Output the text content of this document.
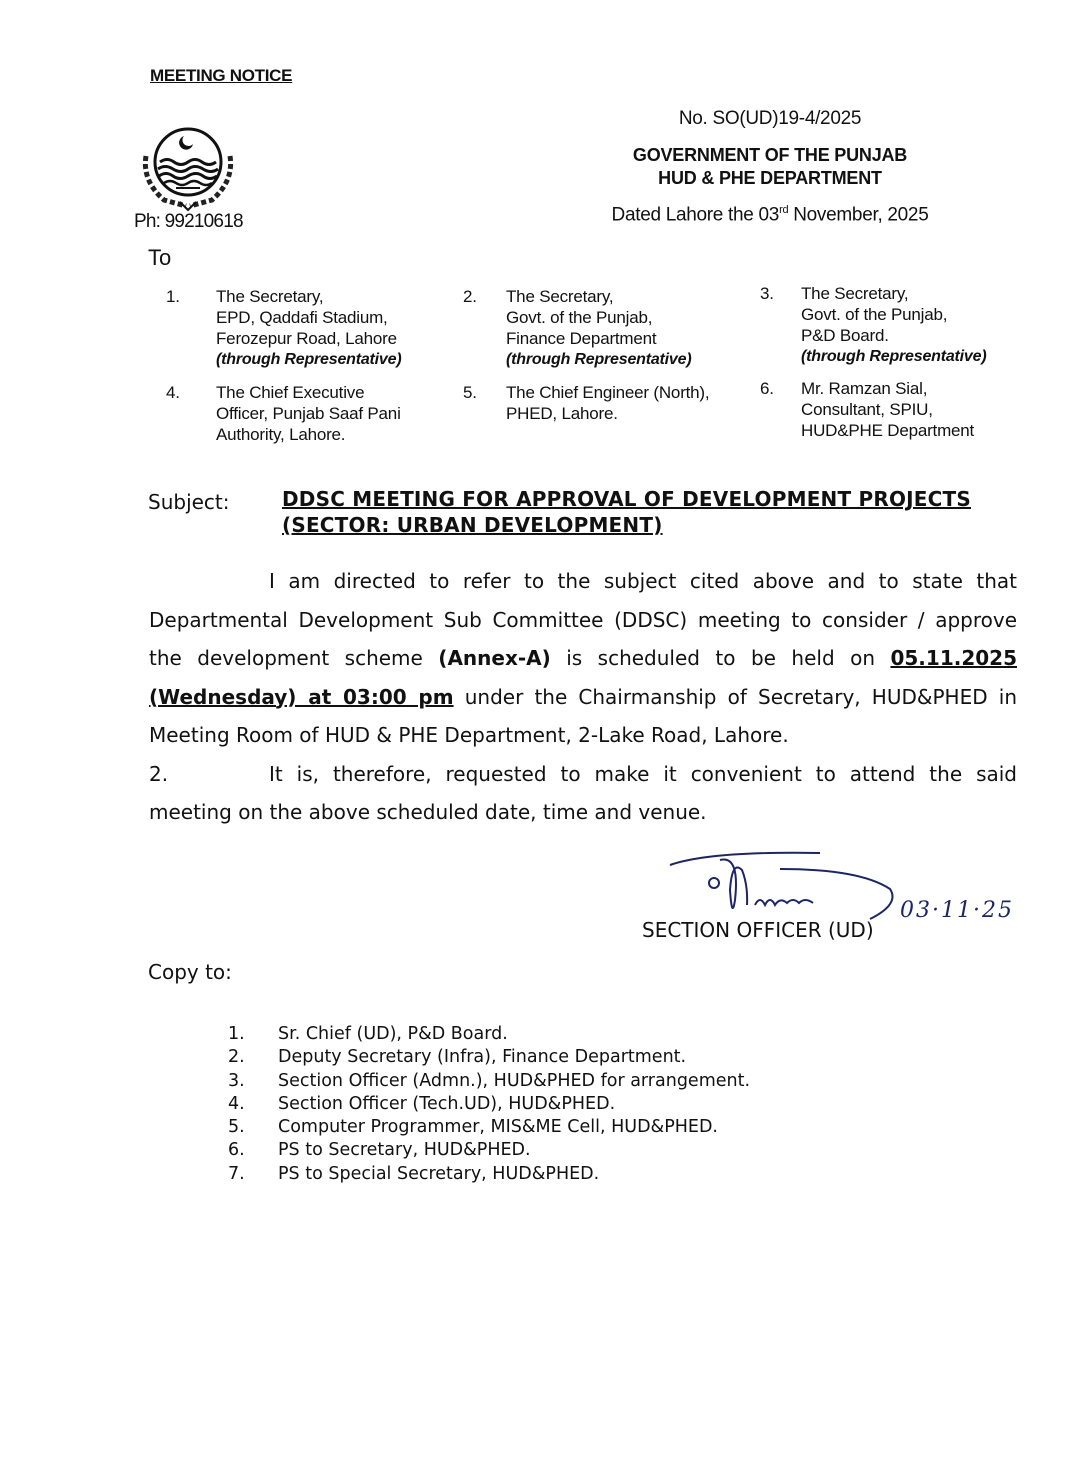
MEETING NOTICE
Ph: 99210618
No. SO(UD)19-4/2025
GOVERNMENT OF THE PUNJAB
HUD & PHE DEPARTMENT
Dated Lahore the 03rd November, 2025
To
1. The Secretary,
EPD, Qaddafi Stadium,
Ferozepur Road, Lahore
(through Representative)
2. The Secretary,
Govt. of the Punjab,
Finance Department
(through Representative)
3. The Secretary,
Govt. of the Punjab,
P&D Board.
(through Representative)
4. The Chief Executive
Officer, Punjab Saaf Pani
Authority, Lahore.
5. The Chief Engineer (North),
PHED, Lahore.
6. Mr. Ramzan Sial,
Consultant, SPIU,
HUD&PHE Department
Subject:	DDSC MEETING FOR APPROVAL OF DEVELOPMENT PROJECTS
(SECTOR: URBAN DEVELOPMENT)
I am directed to refer to the subject cited above and to state that Departmental Development Sub Committee (DDSC) meeting to consider / approve the development scheme (Annex-A) is scheduled to be held on 05.11.2025 (Wednesday) at 03:00 pm under the Chairmanship of Secretary, HUD&PHED in Meeting Room of HUD & PHE Department, 2-Lake Road, Lahore.
2.	It is, therefore, requested to make it convenient to attend the said meeting on the above scheduled date, time and venue.
SECTION OFFICER (UD)
03·11·25
Copy to:
1.	Sr. Chief (UD), P&D Board.
2.	Deputy Secretary (Infra), Finance Department.
3.	Section Officer (Admn.), HUD&PHED for arrangement.
4.	Section Officer (Tech.UD), HUD&PHED.
5.	Computer Programmer, MIS&ME Cell, HUD&PHED.
6.	PS to Secretary, HUD&PHED.
7.	PS to Special Secretary, HUD&PHED.
